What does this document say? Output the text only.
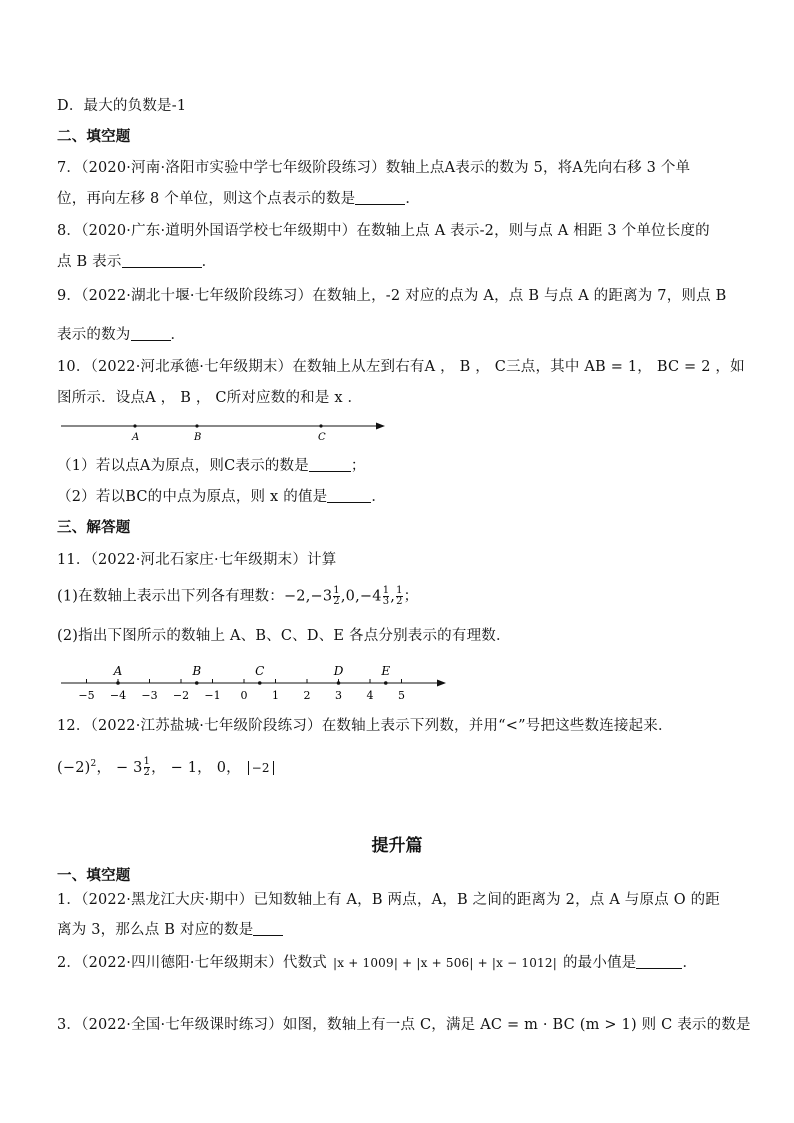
D．最大的负数是-1
二、填空题
7．（2020·河南·洛阳市实验中学七年级阶段练习）数轴上点A表示的数为 5，将A先向右移 3 个单
位，再向左移 8 个单位，则这个点表示的数是	．
8．（2020·广东·道明外国语学校七年级期中）在数轴上点 A 表示-2，则与点 A 相距 3 个单位长度的
点 B 表示	．
9．（2022·湖北十堰·七年级阶段练习）在数轴上，-2 对应的点为 A，点 B 与点 A 的距离为 7，则点 B
表示的数为	．
10．（2022·河北承德·七年级期末）在数轴上从左到右有A ， B ， C三点，其中 AB = 1， BC = 2 ，如
图所示．设点A ， B ， C所对应数的和是 x ．
A	B	C
（1）若以点A为原点，则C表示的数是	；
（2）若以BC的中点为原点，则 x 的值是	．
三、解答题
11．（2022·河北石家庄·七年级期末）计算
(1)在数轴上表示出下列各有理数：$-2,-3 \frac{1}{2} ,0,-4 \frac{1}{3}$ , $\frac{1}{2}$ ；
(2)指出下图所示的数轴上 A、B、C、D、E 各点分别表示的有理数．
−5 −4 −3 −2 −1 0 1 2 3 4 5
A	B	C	D	E
12．（2022·江苏盐城·七年级阶段练习）在数轴上表示下列数，并用“<”号把这些数连接起来．
$(-2)^2$， − $3 \frac{1}{2}$ ， − 1， 0， −2
提升篇
一、填空题
1．（2022·黑龙江大庆·期中）已知数轴上有 A，B 两点，A，B 之间的距离为 2，点 A 与原点 O 的距
离为 3，那么点 B 对应的数是
2．（2022·四川德阳·七年级期末）代数式 |x + 1009| + |x + 506| + |x − 1012| 的最小值是	．
3．（2022·全国·七年级课时练习）如图，数轴上有一点 C，满足 AC = m · BC (m > 1) 则 C 表示的数是
